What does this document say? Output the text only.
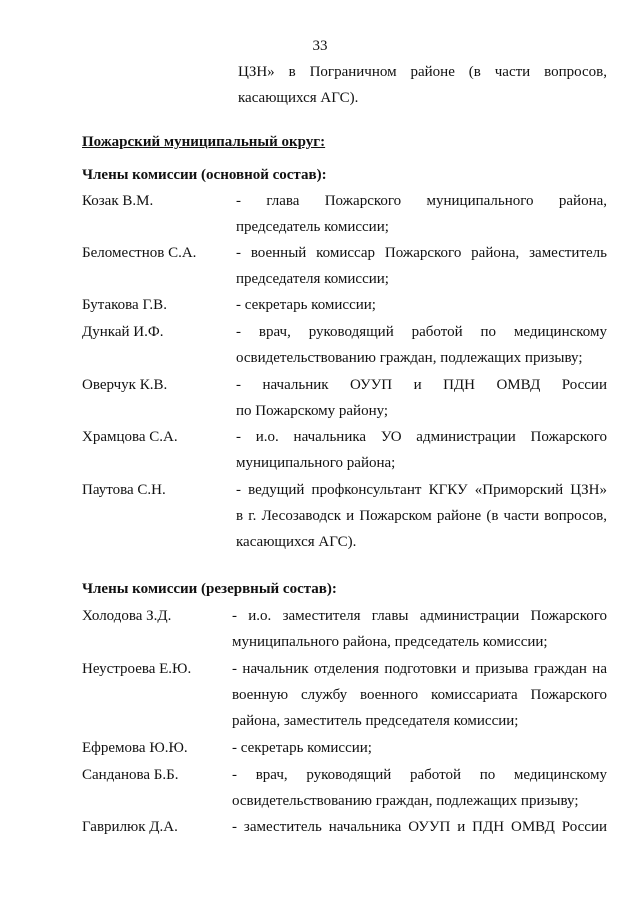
33
ЦЗН» в Пограничном районе (в части вопросов,
касающихся АГС).
Пожарский муниципальный округ:
Члены комиссии (основной состав):
Козак В.М.	- глава Пожарского муниципального района,
председатель комиссии;
Беломестнов С.А.	- военный комиссар Пожарского района, заместитель
председателя комиссии;
Бутакова Г.В.	- секретарь комиссии;
Дункай И.Ф.	- врач, руководящий работой по медицинскому
освидетельствованию граждан, подлежащих призыву;
Оверчук К.В.	- начальник ОУУП и ПДН ОМВД России
по Пожарскому району;
Храмцова С.А.	- и.о. начальника УО администрации Пожарского
муниципального района;
Паутова С.Н.	- ведущий профконсультант КГКУ «Приморский ЦЗН»
в г. Лесозаводск и Пожарском районе (в части вопросов,
касающихся АГС).
Члены комиссии (резервный состав):
Холодова З.Д.	- и.о. заместителя главы администрации Пожарского
муниципального района, председатель комиссии;
Неустроева Е.Ю.	- начальник отделения подготовки и призыва граждан на
военную службу военного комиссариата Пожарского
района, заместитель председателя комиссии;
Ефремова Ю.Ю.	- секретарь комиссии;
Санданова Б.Б.	- врач, руководящий работой по медицинскому
освидетельствованию граждан, подлежащих призыву;
Гаврилюк Д.А.	- заместитель начальника ОУУП и ПДН ОМВД России
